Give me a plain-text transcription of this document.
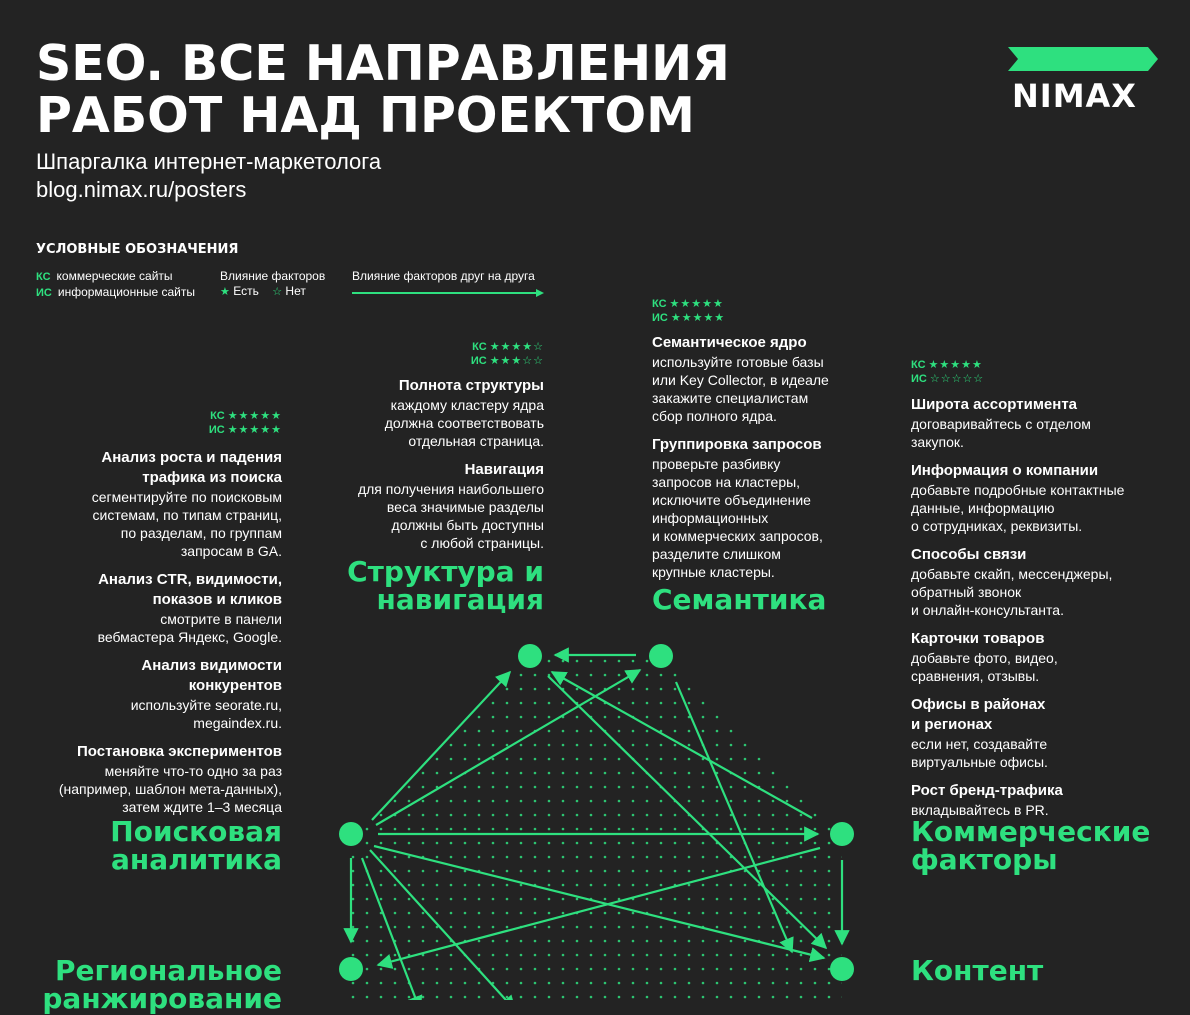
SEO. ВСЕ НАПРАВЛЕНИЯ
РАБОТ НАД ПРОЕКТОМ
Шпаргалка интернет-маркетолога
blog.nimax.ru/posters
NIMAX
УСЛОВНЫЕ ОБОЗНАЧЕНИЯ
КС коммерческие сайты
ИС информационные сайты
Влияние факторов
★ Есть ☆ Нет
Влияние факторов друг на друга
КС ★★★★★
ИС ★★★★★
Анализ роста и падения
трафика из поиска
сегментируйте по поисковым
системам, по типам страниц,
по разделам, по группам
запросам в GA.
Анализ CTR, видимости,
показов и кликов
смотрите в панели
вебмастера Яндекс, Google.
Анализ видимости
конкурентов
используйте seorate.ru,
megaindex.ru.
Постановка экспериментов
меняйте что-то одно за раз
(например, шаблон мета-данных),
затем ждите 1–3 месяца
Поисковая
аналитика
КС ★★★★☆
ИС ★★★☆☆
Полнота структуры
каждому кластеру ядра
должна соответствовать
отдельная страница.
Навигация
для получения наибольшего
веса значимые разделы
должны быть доступны
с любой страницы.
Структура и
навигация
КС ★★★★★
ИС ★★★★★
Семантическое ядро
используйте готовые базы
или Key Collector, в идеале
закажите специалистам
сбор полного ядра.
Группировка запросов
проверьте разбивку
запросов на кластеры,
исключите объединение
информационных
и коммерческих запросов,
разделите слишком
крупные кластеры.
Семантика
КС ★★★★★
ИС ☆☆☆☆☆
Широта ассортимента
договаривайтесь с отделом
закупок.
Информация о компании
добавьте подробные контактные
данные, информацию
о сотрудниках, реквизиты.
Способы связи
добавьте скайп, мессенджеры,
обратный звонок
и онлайн-консультанта.
Карточки товаров
добавьте фото, видео,
сравнения, отзывы.
Офисы в районах
и регионах
если нет, создавайте
виртуальные офисы.
Рост бренд-трафика
вкладывайтесь в PR.
Коммерческие
факторы
Региональное
ранжирование
Контент
